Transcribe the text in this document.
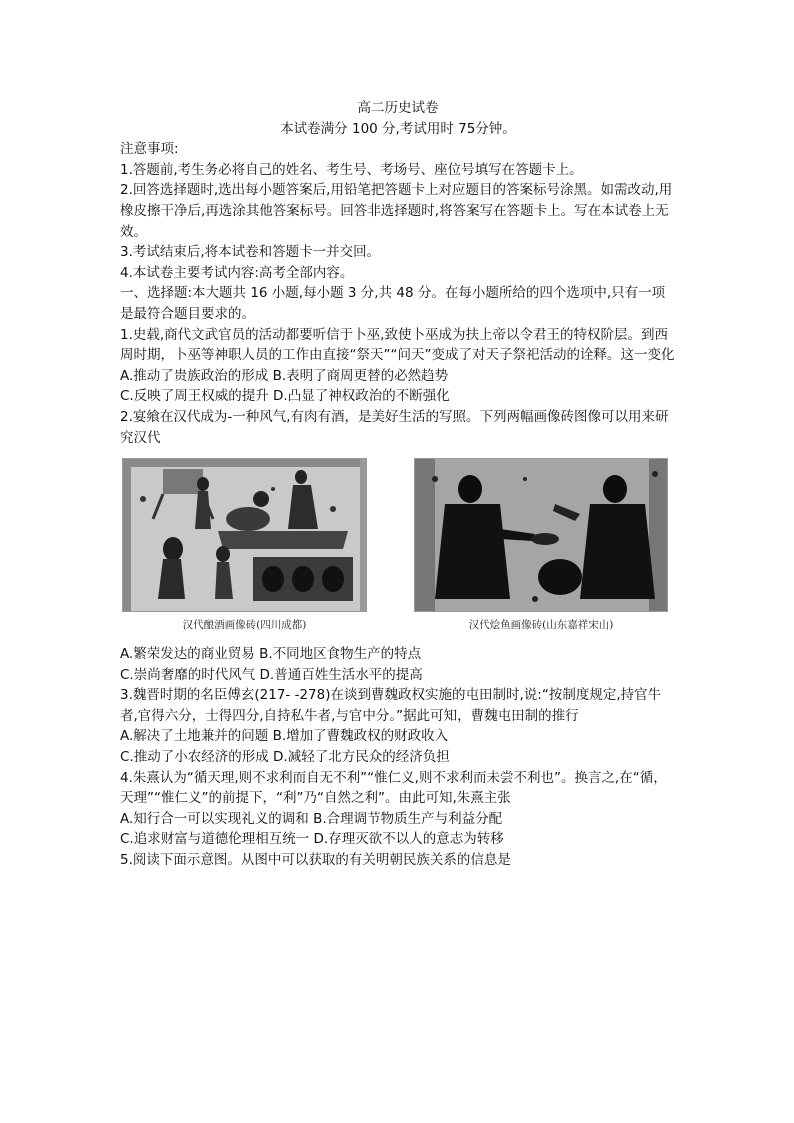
高二历史试卷

本试卷满分 100 分,考试用时 75分钟。

注意事项:

1.答题前,考生务必将自己的姓名、考生号、考场号、座位号填写在答题卡上。

2.回答选择题时,选出每小题答案后,用铅笔把答题卡上对应题目的答案标号涂黑。如需改动,用橡皮擦干净后,再选涂其他答案标号。回答非选择题时,将答案写在答题卡上。写在本试卷上无效。

3.考试结束后,将本试卷和答题卡一并交回。

4.本试卷主要考试内容:高考全部内容。

一、选择题:本大题共 16 小题,每小题 3 分,共 48 分。在每小题所给的四个选项中,只有一项是最符合题目要求的。

1.史载,商代文武官员的活动都要听信于卜巫,致使卜巫成为扶上帝以令君王的特权阶层。到西周时期，卜巫等神职人员的工作由直接“祭天”“问天”变成了对天子祭祀活动的诠释。这一变化

A.推动了贵族政治的形成 B.表明了商周更替的必然趋势

C.反映了周王权威的提升 D.凸显了神权政治的不断强化

2.宴飨在汉代成为-一种风气,有肉有酒，是美好生活的写照。下列两幅画像砖图像可以用来研究汉代

汉代酿酒画像砖(四川成都)	汉代烩鱼画像砖(山东嘉祥宋山)

A.繁荣发达的商业贸易 B.不同地区食物生产的特点

C.崇尚奢靡的时代风气 D.普通百姓生活水平的提高

3.魏晋时期的名臣傅玄(217- -278)在谈到曹魏政权实施的屯田制时,说:“按制度规定,持官牛者,官得六分，士得四分,自持私牛者,与官中分。”据此可知，曹魏屯田制的推行

A.解决了土地兼并的问题 B.增加了曹魏政权的财政收入

C.推动了小农经济的形成 D.减轻了北方民众的经济负担

4.朱熹认为“循天理,则不求利而自无不利”“惟仁义,则不求利而未尝不利也”。换言之,在“循，天理”“惟仁义”的前提下，“利”乃“自然之利”。由此可知,朱熹主张

A.知行合一可以实现礼义的调和 B.合理调节物质生产与利益分配

C.追求财富与道德伦理相互统一 D.存理灭欲不以人的意志为转移

5.阅读下面示意图。从图中可以获取的有关明朝民族关系的信息是
